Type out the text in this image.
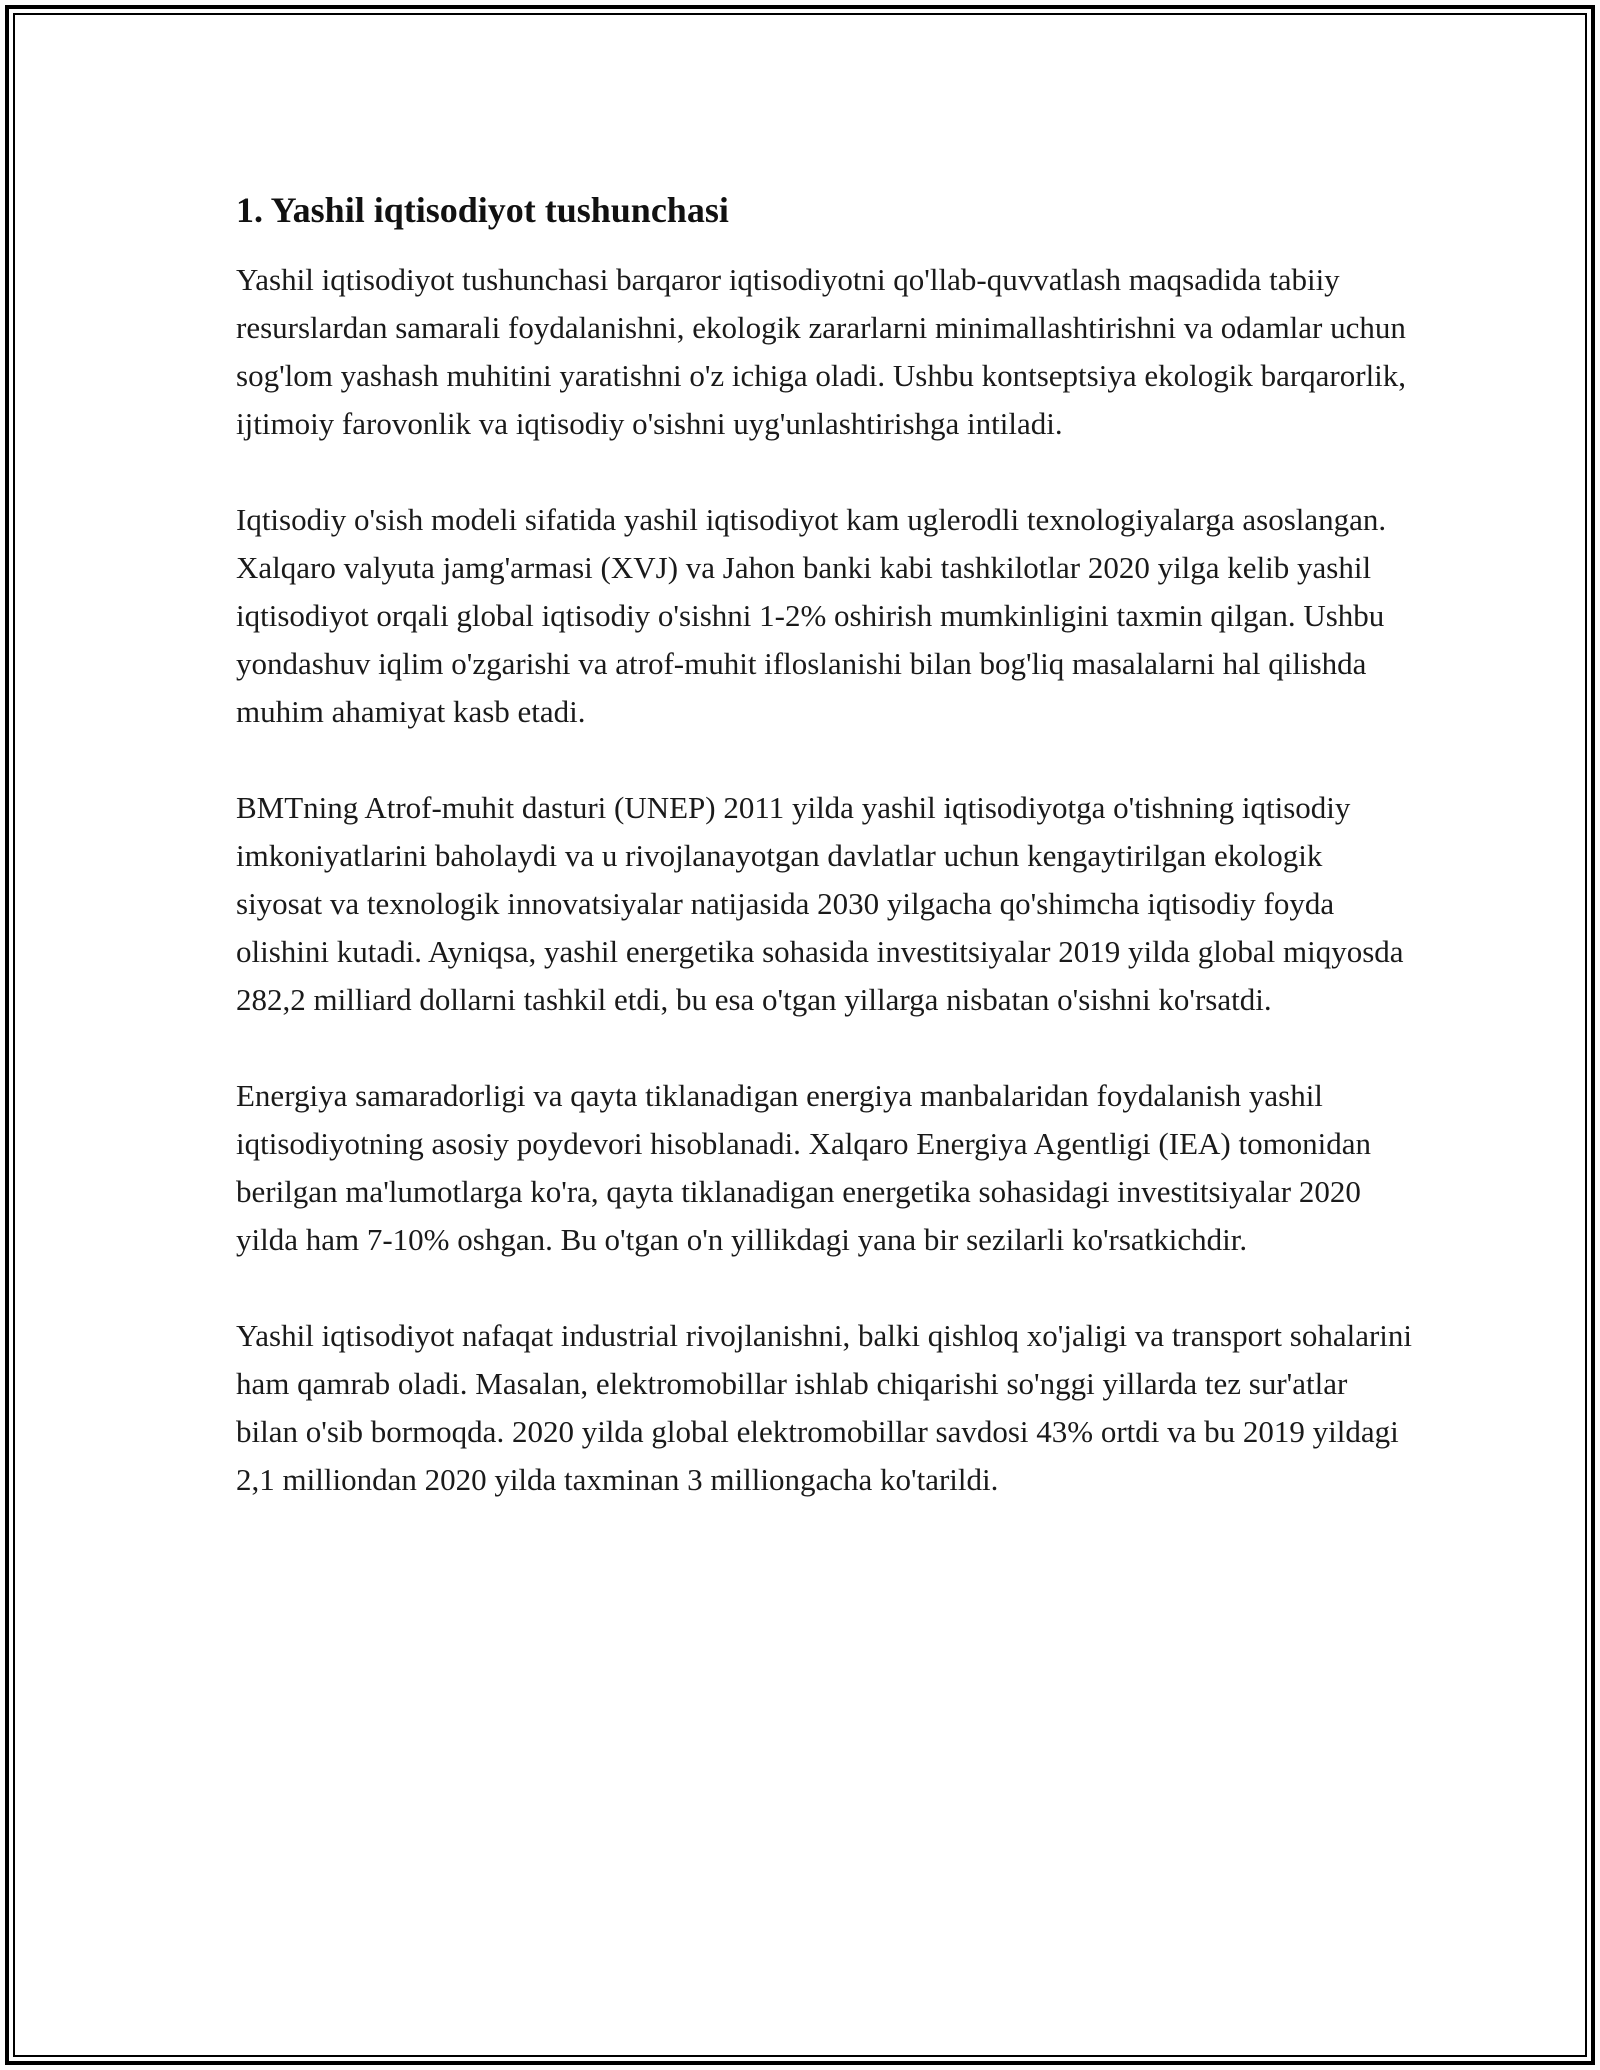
1. Yashil iqtisodiyot tushunchasi

Yashil iqtisodiyot tushunchasi barqaror iqtisodiyotni qo'llab-quvvatlash maqsadida tabiiy resurslardan samarali foydalanishni, ekologik zararlarni minimallashtirishni va odamlar uchun sog'lom yashash muhitini yaratishni o'z ichiga oladi. Ushbu kontseptsiya ekologik barqarorlik, ijtimoiy farovonlik va iqtisodiy o'sishni uyg'unlashtirishga intiladi.

Iqtisodiy o'sish modeli sifatida yashil iqtisodiyot kam uglerodli texnologiyalarga asoslangan. Xalqaro valyuta jamg'armasi (XVJ) va Jahon banki kabi tashkilotlar 2020 yilga kelib yashil iqtisodiyot orqali global iqtisodiy o'sishni 1-2% oshirish mumkinligini taxmin qilgan. Ushbu yondashuv iqlim o'zgarishi va atrof-muhit ifloslanishi bilan bog'liq masalalarni hal qilishda muhim ahamiyat kasb etadi.

BMTning Atrof-muhit dasturi (UNEP) 2011 yilda yashil iqtisodiyotga o'tishning iqtisodiy imkoniyatlarini baholaydi va u rivojlanayotgan davlatlar uchun kengaytirilgan ekologik siyosat va texnologik innovatsiyalar natijasida 2030 yilgacha qo'shimcha iqtisodiy foyda olishini kutadi. Ayniqsa, yashil energetika sohasida investitsiyalar 2019 yilda global miqyosda 282,2 milliard dollarni tashkil etdi, bu esa o'tgan yillarga nisbatan o'sishni ko'rsatdi.

Energiya samaradorligi va qayta tiklanadigan energiya manbalaridan foydalanish yashil iqtisodiyotning asosiy poydevori hisoblanadi. Xalqaro Energiya Agentligi (IEA) tomonidan berilgan ma'lumotlarga ko'ra, qayta tiklanadigan energetika sohasidagi investitsiyalar 2020 yilda ham 7-10% oshgan. Bu o'tgan o'n yillikdagi yana bir sezilarli ko'rsatkichdir.

Yashil iqtisodiyot nafaqat industrial rivojlanishni, balki qishloq xo'jaligi va transport sohalarini ham qamrab oladi. Masalan, elektromobillar ishlab chiqarishi so'nggi yillarda tez sur'atlar bilan o'sib bormoqda. 2020 yilda global elektromobillar savdosi 43% ortdi va bu 2019 yildagi 2,1 milliondan 2020 yilda taxminan 3 milliongacha ko'tarildi.
